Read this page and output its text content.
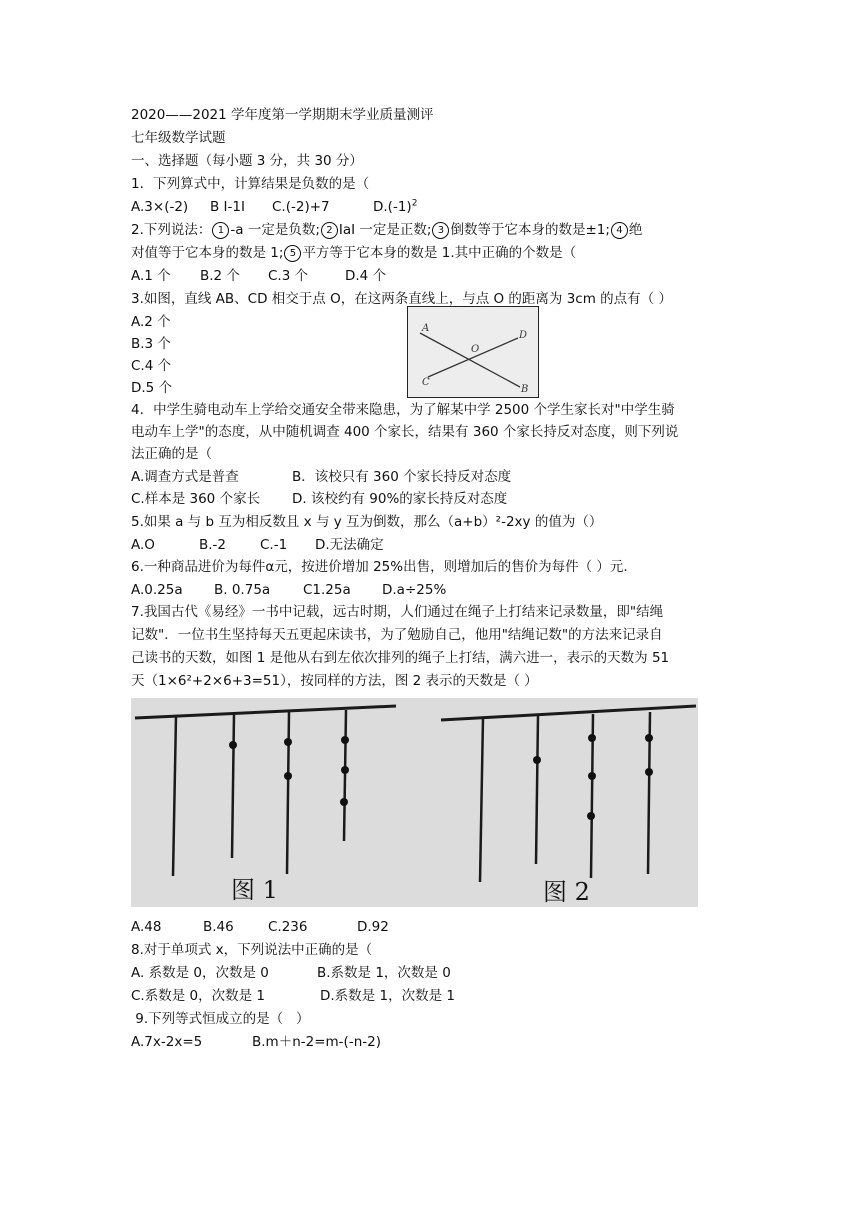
2020——2021 学年度第一学期期末学业质量测评
七年级数学试题
一、选择题（每小题 3 分，共 30 分）
1．下列算式中，计算结果是负数的是（
A.3×(-2) B I-1I C.(-2)+7	$D.(-1)^2$
2.下列说法： 1 -a 一定是负数; 2 IaI 一定是正数; 3 倒数等于它本身的数是±1; 4 绝
对值等于它本身的数是 1; 5 平方等于它本身的数是 1.其中正确的个数是（
A.1 个 B.2 个 C.3 个	D.4 个
3.如图，直线 AB、CD 相交于点 O，在这两条直线上，与点 O 的距离为 3cm 的点有（ ）
A.2 个
B.3 个
C.4 个
D.5 个
A
D
O
C
B
4．中学生骑电动车上学给交通安全带来隐患，为了解某中学 2500 个学生家长对"中学生骑
电动车上学"的态度，从中随机调查 400 个家长，结果有 360 个家长持反对态度，则下列说
法正确的是（
A.调查方式是普查	B．该校只有 360 个家长持反对态度
C.样本是 360 个家长 D. 该校约有 90%的家长持反对态度
5.如果 a 与 b 互为相反数且 x 与 y 互为倒数，那么（a+b）²-2xy 的值为（）
A.O	B.-2	C.-1 D.无法确定
6.一种商品进价为每件α元，按进价增加 25%出售，则增加后的售价为每件（ ）元.
A.0.25a B. 0.75a C1.25a D.a÷25%
7.我国古代《易经》一书中记载，远古时期，人们通过在绳子上打结来记录数量，即"结绳
记数"．一位书生坚持每天五更起床读书，为了勉励自己，他用"结绳记数"的方法来记录自
己读书的天数，如图 1 是他从右到左依次排列的绳子上打结，满六进一，表示的天数为 51
天（1×6²+2×6+3=51），按同样的方法，图 2 表示的天数是（ ）
图 1	图 2
A.48	B.46	C.236	D.92
8.对于单项式 x，下列说法中正确的是（
A. 系数是 0，次数是 0	B.系数是 1，次数是 0
C.系数是 0，次数是 1	D.系数是 1，次数是 1
9.下列等式恒成立的是（   ）
A.7x-2x=5	B.m＋n-2=m-(-n-2)
